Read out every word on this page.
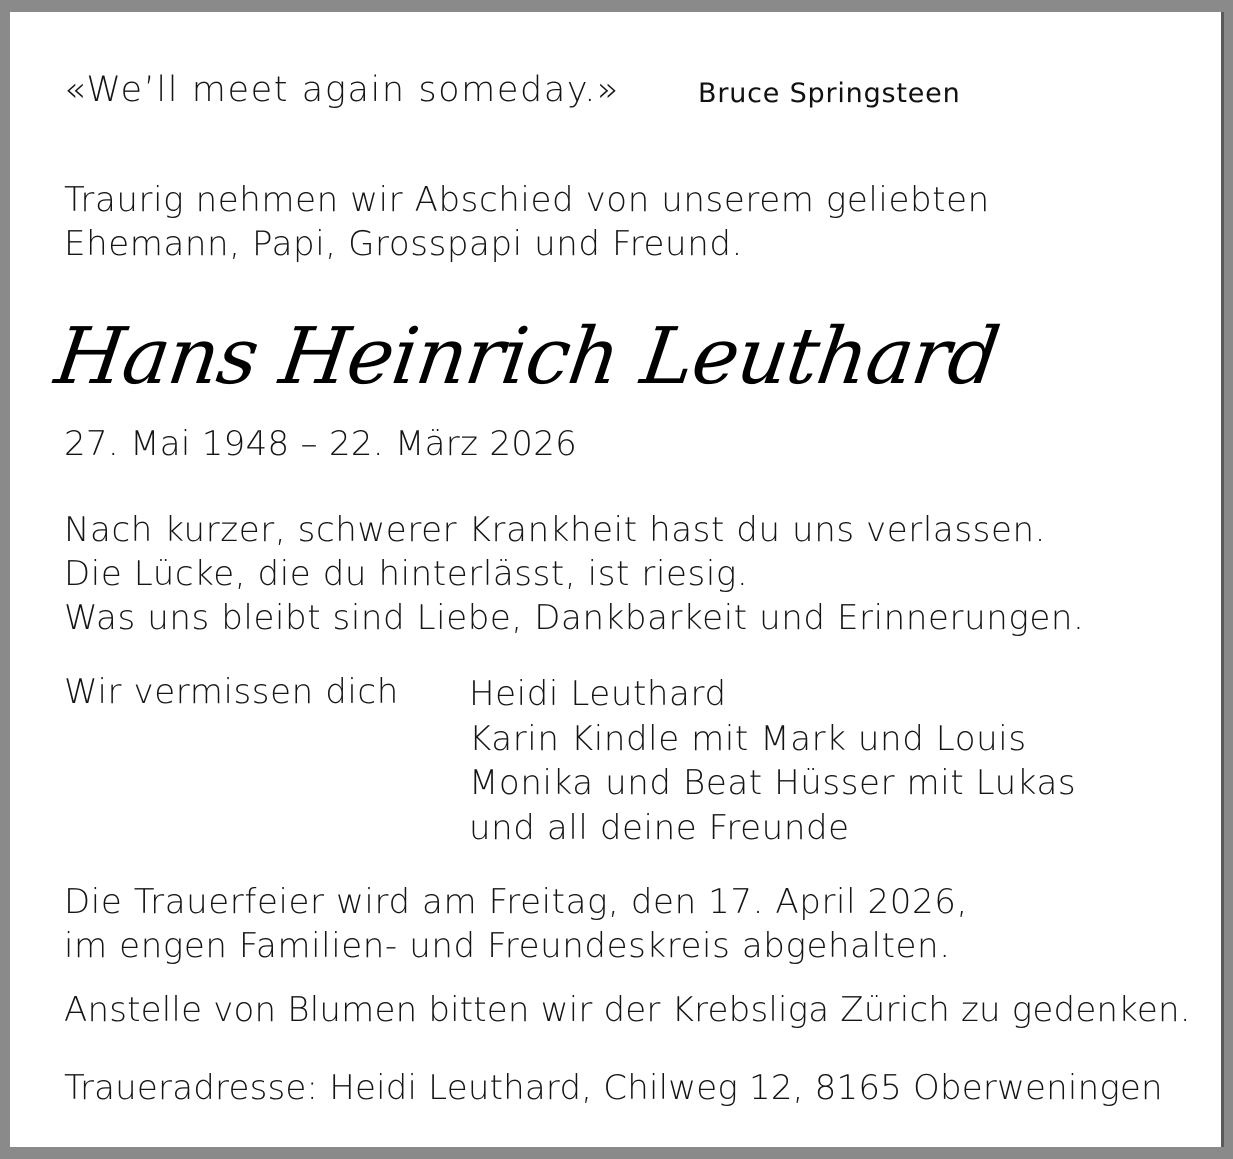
«We’ll meet again someday.»	Bruce Springsteen
Traurig nehmen wir Abschied von unserem geliebten
Ehemann, Papi, Grosspapi und Freund.
Hans Heinrich Leuthard
27. Mai 1948 – 22. März 2026
Nach kurzer, schwerer Krankheit hast du uns verlassen.
Die Lücke, die du hinterlässt, ist riesig.
Was uns bleibt sind Liebe, Dankbarkeit und Erinnerungen.
Wir vermissen dich Heidi Leuthard
Karin Kindle mit Mark und Louis
Monika und Beat Hüsser mit Lukas
und all deine Freunde
Die Trauerfeier wird am Freitag, den 17. April 2026,
im engen Familien- und Freundeskreis abgehalten.
Anstelle von Blumen bitten wir der Krebsliga Zürich zu gedenken.
Traueradresse: Heidi Leuthard, Chilweg 12, 8165 Oberweningen
